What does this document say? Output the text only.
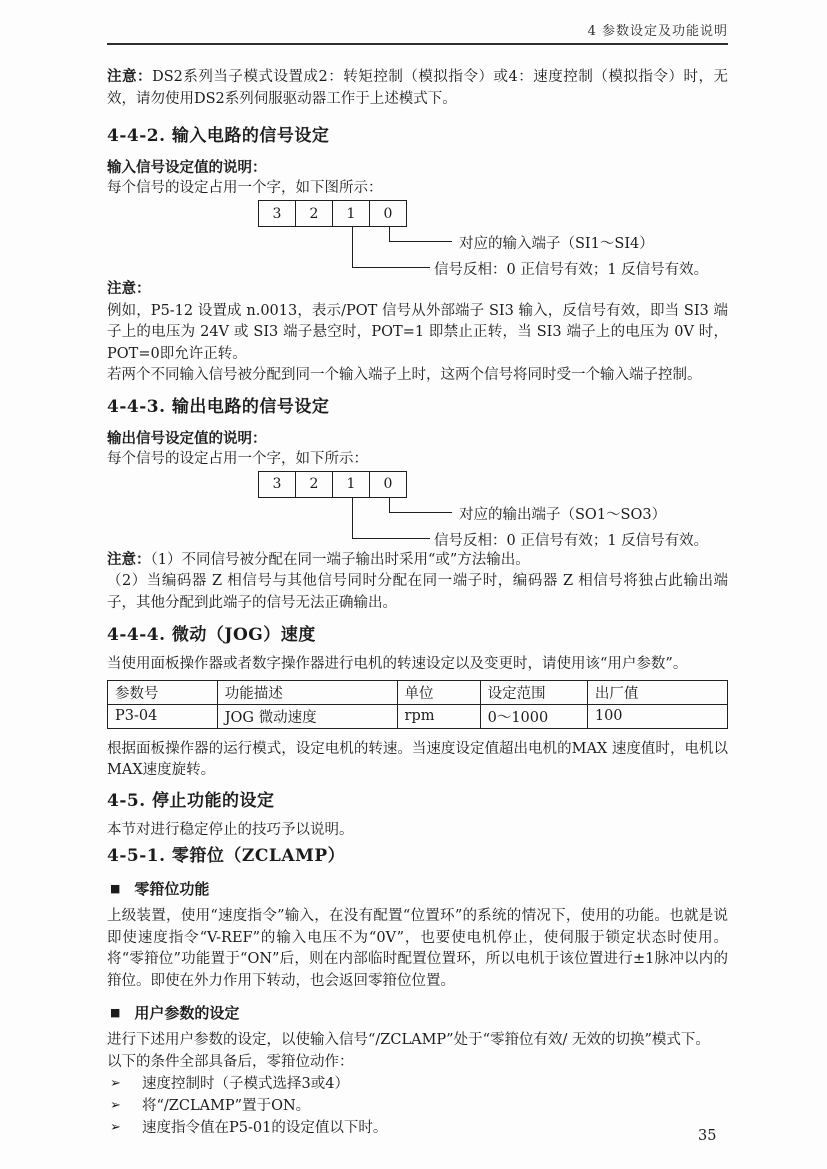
4 参数设定及功能说明

注意：DS2系列当子模式设置成2：转矩控制（模拟指令）或4：速度控制（模拟指令）时，无效，请勿使用DS2系列伺服驱动器工作于上述模式下。

4-4-2. 输入电路的信号设定

输入信号设定值的说明：

每个信号的设定占用一个字，如下图所示：

3	2	1	0
对应的输入端子（SI1～SI4）
信号反相：0 正信号有效；1 反信号有效。

注意：

例如，P5-12 设置成 n.0013，表示/POT 信号从外部端子 SI3 输入，反信号有效，即当 SI3 端子上的电压为 24V 或 SI3 端子悬空时，POT=1 即禁止正转，当 SI3 端子上的电压为 0V 时，POT=0即允许正转。

若两个不同输入信号被分配到同一个输入端子上时，这两个信号将同时受一个输入端子控制。

4-4-3. 输出电路的信号设定

输出信号设定值的说明：

每个信号的设定占用一个字，如下所示：

3	2	1	0
对应的输出端子（SO1～SO3）
信号反相：0 正信号有效；1 反信号有效。

注意：（1）不同信号被分配在同一端子输出时采用“或”方法输出。

（2）当编码器 Z 相信号与其他信号同时分配在同一端子时，编码器 Z 相信号将独占此输出端子，其他分配到此端子的信号无法正确输出。

4-4-4. 微动（JOG）速度

当使用面板操作器或者数字操作器进行电机的转速设定以及变更时，请使用该“用户参数”。

参数号	功能描述	单位	设定范围	出厂值
P3-04	JOG 微动速度	rpm	0～1000	100

根据面板操作器的运行模式，设定电机的转速。当速度设定值超出电机的MAX 速度值时，电机以MAX速度旋转。

4-5. 停止功能的设定

本节对进行稳定停止的技巧予以说明。

4-5-1. 零箝位（ZCLAMP）
■ 零箝位功能

上级装置，使用“速度指令”输入，在没有配置“位置环”的系统的情况下，使用的功能。也就是说即使速度指令“V-REF”的输入电压不为“0V”，也要使电机停止，使伺服于锁定状态时使用。将“零箝位”功能置于“ON”后，则在内部临时配置位置环，所以电机于该位置进行±1脉冲以内的箝位。即使在外力作用下转动，也会返回零箝位位置。

■ 用户参数的设定

进行下述用户参数的设定，以使输入信号“/ZCLAMP”处于“零箝位有效/ 无效的切换”模式下。

以下的条件全部具备后，零箝位动作：

➢	速度控制时（子模式选择3或4）
➢	将“/ZCLAMP”置于ON。
➢	速度指令值在P5-01的设定值以下时。	35
